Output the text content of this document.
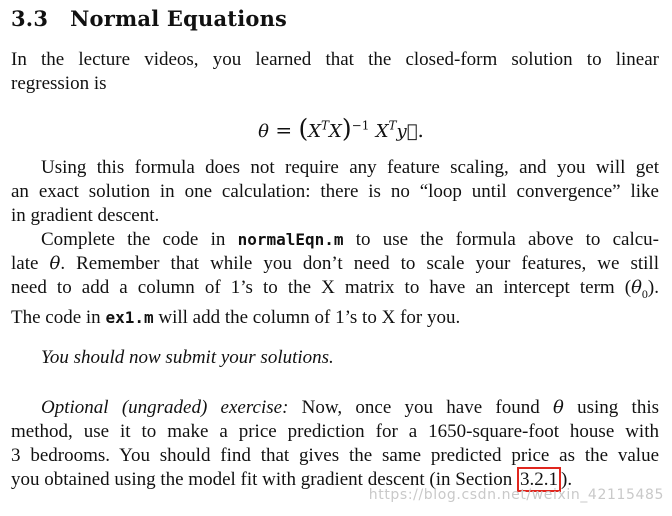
3.3 Normal Equations
In the lecture videos, you learned that the closed-form solution to linear
regression is
$\theta = (X^TX)^{-1}$ $X^Ty⃗$.
Using this formula does not require any feature scaling, and you will get
an exact solution in one calculation: there is no “loop until convergence” like
in gradient descent.
Complete the code in normalEqn.m to use the formula above to calcu-
late θ. Remember that while you don’t need to scale your features, we still
need to add a column of 1’s to the X matrix to have an intercept term $(\theta_0)$.
The code in ex1.m will add the column of 1’s to X for you.
You should now submit your solutions.
Optional (ungraded) exercise: Now, once you have found θ using this
method, use it to make a price prediction for a 1650-square-foot house with
3 bedrooms. You should find that gives the same predicted price as the value
you obtained using the model fit with gradient descent (in Section 3.2.1 ).
https://blog.csdn.net/weixin_42115485
